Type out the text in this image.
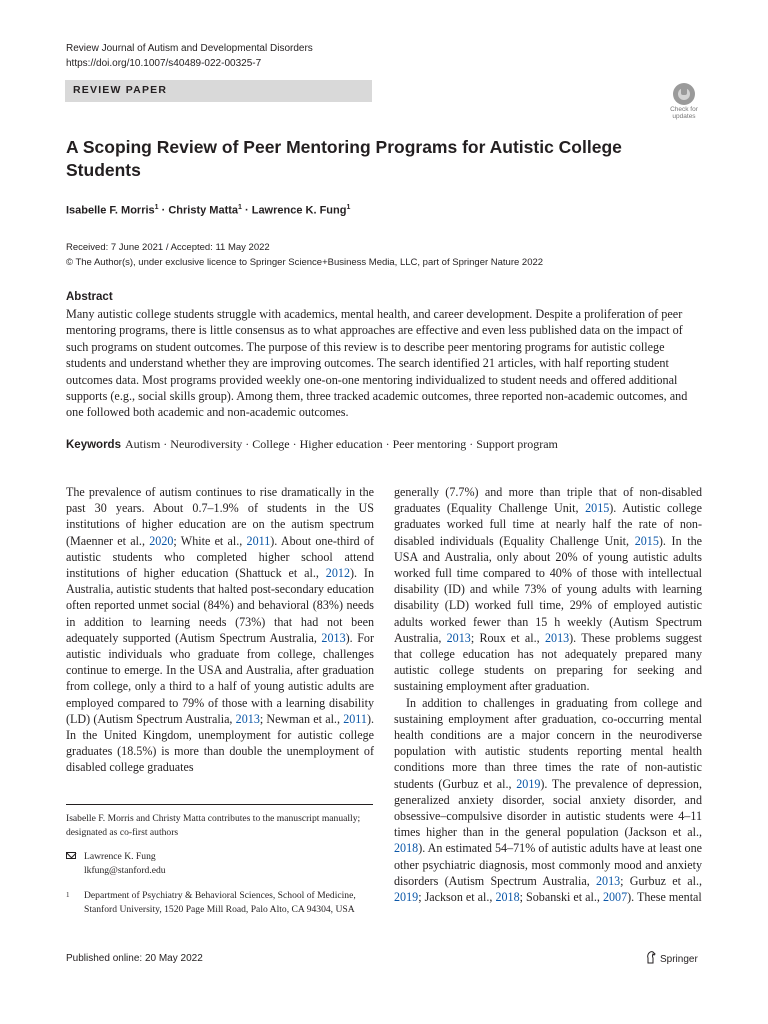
Review Journal of Autism and Developmental Disorders
https://doi.org/10.1007/s40489-022-00325-7
REVIEW PAPER
Check for
updates
A Scoping Review of Peer Mentoring Programs for Autistic College Students
Isabelle F. Morris$^1$ · Christy Matta$^1$ · Lawrence K. Fung$^1$
Received: 7 June 2021 / Accepted: 11 May 2022
© The Author(s), under exclusive licence to Springer Science+Business Media, LLC, part of Springer Nature 2022
Abstract
Many autistic college students struggle with academics, mental health, and career development. Despite a proliferation of peer mentoring programs, there is little consensus as to what approaches are effective and even less published data on the impact of such programs on student outcomes. The purpose of this review is to describe peer mentoring programs for autistic college students and understand whether they are improving outcomes. The search identified 21 articles, with half reporting student outcomes data. Most programs provided weekly one-on-one mentoring individualized to student needs and offered additional supports (e.g., social skills group). Among them, three tracked academic outcomes, three reported non-academic outcomes, and one followed both academic and non-academic outcomes.
Keywords Autism · Neurodiversity · College · Higher education · Peer mentoring · Support program

The prevalence of autism continues to rise dramatically in the past 30 years. About 0.7–1.9% of students in the US institutions of higher education are on the autism spectrum (Maenner et al., 2020; White et al., 2011). About one-third of autistic students who completed higher school attend institutions of higher education (Shattuck et al., 2012). In Australia, autistic students that halted post-secondary education often reported unmet social (84%) and behavioral (83%) needs in addition to learning needs (73%) that had not been adequately supported (Autism Spectrum Australia, 2013). For autistic individuals who graduate from college, challenges continue to emerge. In the USA and Australia, after graduation from college, only a third to a half of young autistic adults are employed compared to 79% of those with a learning disability (LD) (Autism Spectrum Australia, 2013; Newman et al., 2011). In the United Kingdom, unemployment for autistic college graduates (18.5%) is more than double the unemployment of disabled college graduates

generally (7.7%) and more than triple that of non-disabled graduates (Equality Challenge Unit, 2015). Autistic college graduates worked full time at nearly half the rate of non-disabled individuals (Equality Challenge Unit, 2015). In the USA and Australia, only about 20% of young autistic adults worked full time compared to 40% of those with intellectual disability (ID) and while 73% of young adults with learning disability (LD) worked full time, 29% of employed autistic adults worked fewer than 15 h weekly (Autism Spectrum Australia, 2013; Roux et al., 2013). These problems suggest that college education has not adequately prepared many autistic college students on preparing for seeking and sustaining employment after graduation.

In addition to challenges in graduating from college and sustaining employment after graduation, co-occurring mental health conditions are a major concern in the neurodiverse population with autistic students reporting mental health conditions more than three times the rate of non-autistic students (Gurbuz et al., 2019). The prevalence of depression, generalized anxiety disorder, social anxiety disorder, and obsessive–compulsive disorder in autistic students were 4–11 times higher than in the general population (Jackson et al., 2018). An estimated 54–71% of autistic adults have at least one other psychiatric diagnosis, most commonly mood and anxiety disorders (Autism Spectrum Australia, 2013; Gurbuz et al., 2019; Jackson et al., 2018; Sobanski et al., 2007). These mental

Isabelle F. Morris and Christy Matta contributes to the manuscript manually; designated as co-first authors
Lawrence K. Fung
lkfung@stanford.edu
1 Department of Psychiatry & Behavioral Sciences, School of Medicine, Stanford University, 1520 Page Mill Road, Palo Alto, CA 94304, USA
Published online: 20 May 2022	Springer
